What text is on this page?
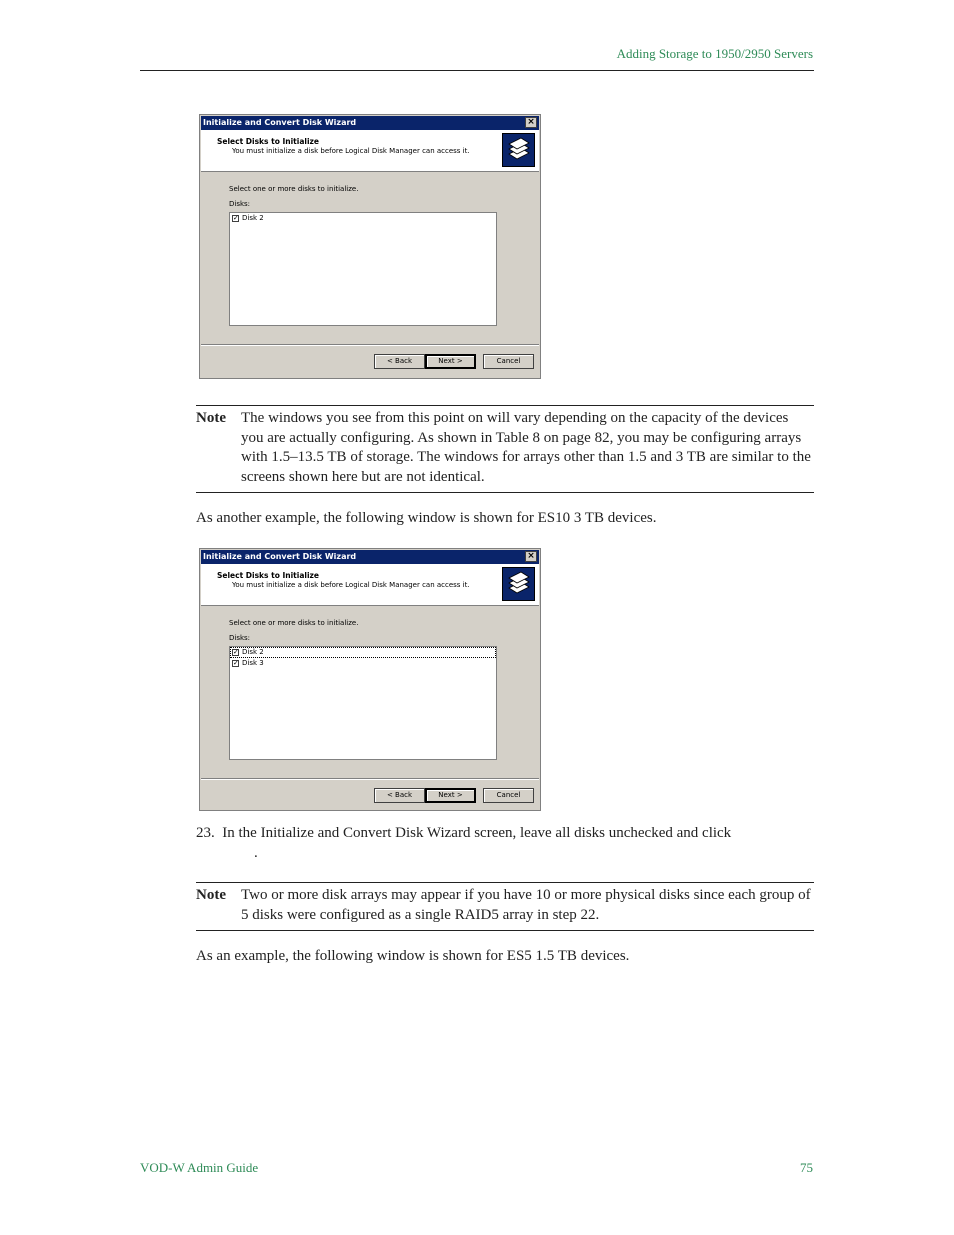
Adding Storage to 1950/2950 Servers
Initialize and Convert Disk Wizard	×
Select Disks to Initialize
You must initialize a disk before Logical Disk Manager can access it.
Select one or more disks to initialize.
Disks:
✓ Disk 2
< Back	Next >	Cancel
Note The windows you see from this point on will vary depending on the capacity of the devices you are actually configuring. As shown in Table 8 on page 82, you may be configuring arrays with 1.5–13.5 TB of storage. The windows for arrays other than 1.5 and 3 TB are similar to the screens shown here but are not identical.
As another example, the following window is shown for ES10 3 TB devices.
Initialize and Convert Disk Wizard	×
Select Disks to Initialize
You must initialize a disk before Logical Disk Manager can access it.
Select one or more disks to initialize.
Disks:
✓ Disk 2
✓ Disk 3
< Back	Next >	Cancel
23. In the Initialize and Convert Disk Wizard screen, leave all disks unchecked and click
.
Note Two or more disk arrays may appear if you have 10 or more physical disks since each group of 5 disks were configured as a single RAID5 array in step 22.
As an example, the following window is shown for ES5 1.5 TB devices.
VOD-W Admin Guide	75
